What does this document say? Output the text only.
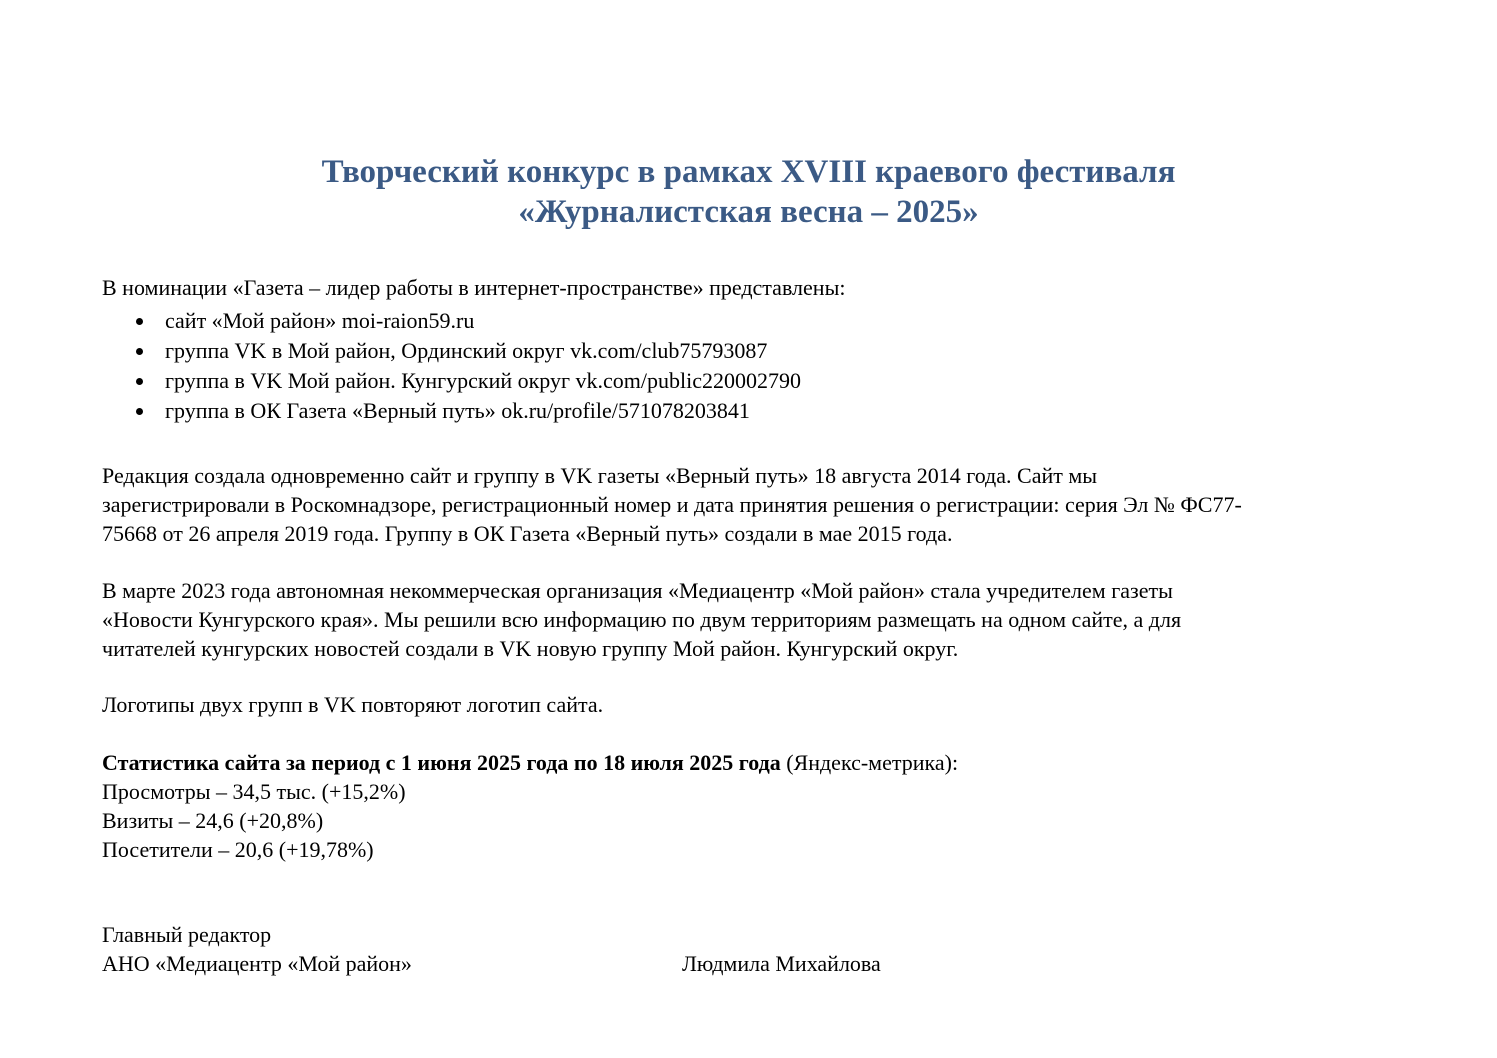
Творческий конкурс в рамках XVIII краевого фестиваля
«Журналистская весна – 2025»
В номинации «Газета – лидер работы в интернет-пространстве» представлены:
сайт «Мой район» moi-raion59.ru
группа VK в Мой район, Ординский округ vk.com/club75793087
группа в VK Мой район. Кунгурский округ vk.com/public220002790
группа в ОК Газета «Верный путь» ok.ru/profile/571078203841
Редакция создала одновременно сайт и группу в VK газеты «Верный путь» 18 августа 2014 года. Сайт мы
зарегистрировали в Роскомнадзоре, регистрационный номер и дата принятия решения о регистрации: серия Эл № ФС77-
75668 от 26 апреля 2019 года. Группу в ОК Газета «Верный путь» создали в мае 2015 года.
В марте 2023 года автономная некоммерческая организация «Медиацентр «Мой район» стала учредителем газеты
«Новости Кунгурского края». Мы решили всю информацию по двум территориям размещать на одном сайте, а для
читателей кунгурских новостей создали в VK новую группу Мой район. Кунгурский округ.
Логотипы двух групп в VK повторяют логотип сайта.
Статистика сайта за период с 1 июня 2025 года по 18 июля 2025 года (Яндекс-метрика):
Просмотры – 34,5 тыс. (+15,2%)
Визиты – 24,6 (+20,8%)
Посетители – 20,6 (+19,78%)
Главный редактор
АНО «Медиацентр «Мой район»	Людмила Михайлова
